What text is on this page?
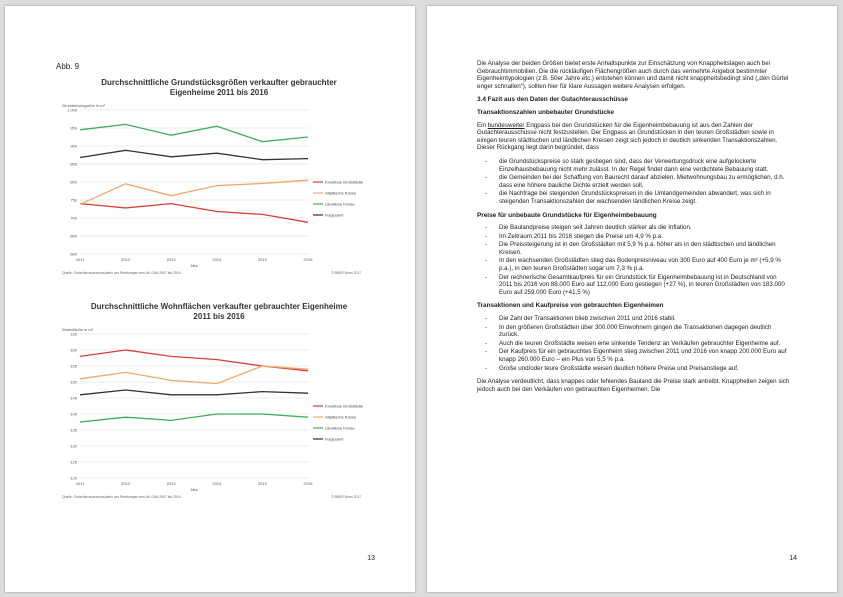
Abb. 9
Durchschnittliche Grundstücksgrößen verkaufter gebrauchter
Eigenheime 2011 bis 2016
600
650
700
750
800
850
900
950
1.000
2011	2012	2013	2014	2015	2016
Grundstücksgröße in m²
Jahr
Kreisfreie Großstädte
Städtische Kreise
Ländliche Kreise
Insgesamt
Quelle: Gutachterausschussdaten der Erhebungen des AK OGA 2007 bis 2016	© BBSR Bonn 2017
Durchschnittliche Wohnflächen verkaufter gebrauchter Eigenheime
2011 bis 2016
120
125
130
135
140
145
150
155
160
165
2011	2012	2013	2014	2015	2016
Wohnfläche in m²
Jahr
Kreisfreie Großstädte
Städtische Kreise
Ländliche Kreise
Insgesamt
Quelle: Gutachterausschussdaten der Erhebungen des AK OGA 2007 bis 2016	© BBSR Bonn 2017
13

Die Analyse der beiden Größen bietet erste Anhaltspunkte zur Einschätzung von Knappheitslagen auch bei Gebrauchtimmobilien. Die die rückläufigen Flächengrößen auch durch das vermehrte Angebot bestimmter Eigenheimtypologien (z.B. 50er Jahre etc.) entstehen können und damit nicht knappheitsbedingt sind („den Gürtel enger schnallen“), sollten hier für klare Aussagen weitere Analysen erfolgen.

3.4 Fazit aus den Daten der Gutachterausschüsse
Transaktionszahlen unbebauter Grundstücke

Ein bundesweiter Engpass bei den Grundstücken für die Eigenheimbebauung ist aus den Zahlen der Gutachterausschüsse nicht festzustellen. Der Engpass an Grundstücken in den teuren Großstädten sowie in einigen teuren städtischen und ländlichen Kreisen zeigt sich jedoch in deutlich sinkenden Transaktionszahlen. Dieser Rückgang liegt darin begründet, dass

- die Grundstückspreise so stark gestiegen sind, dass der Verwertungsdruck eine aufgelockerte Einzelhausbebauung nicht mehr zulässt. In der Regel findet dann eine verdichtete Bebauung statt.
- die Gemeinden bei der Schaffung von Baurecht darauf abzielen, Mietwohnungsbau zu ermöglichen, d.h. dass eine höhere bauliche Dichte erzielt werden soll.
- die Nachfrage bei steigenden Grundstückspreisen in die Umlandgemeinden abwandert, was sich in steigenden Transaktionszahlen der wachsenden ländlichen Kreise zeigt.
Preise für unbebaute Grundstücke für Eigenheimbebauung
- Die Baulandpreise steigen seit Jahren deutlich stärker als die Inflation.
- Im Zeitraum 2011 bis 2016 stiegen die Preise um 4,9 % p.a.
- Die Preissteigerung ist in den Großstädten mit 5,9 % p.a. höher als in den städtischen und ländlichen Kreisen.
- In den wachsenden Großstädten stieg das Bodenpreisniveau von 300 Euro auf 400 Euro je m² (+5,9 % p.a.), in den teuren Großstädten sogar um 7,3 % p.a.
- Der rechnerische Gesamtkaufpreis für ein Grundstück für Eigenheimbebauung ist in Deutschland von 2011 bis 2016 von 88.000 Euro auf 112.000 Euro gestiegen (+27 %), in teuren Großstädten von 183.000 Euro auf 259.000 Euro (+41,5 %)
Transaktionen und Kaufpreise von gebrauchten Eigenheimen
- Die Zahl der Transaktionen blieb zwischen 2011 und 2016 stabil.
- In den größeren Großstädten über 300.000 Einwohnern gingen die Transaktionen dagegen deutlich zurück.
- Auch die teuren Großstädte weisen eine sinkende Tendenz an Verkäufen gebrauchter Eigenheime auf.
- Der Kaufpreis für ein gebrauchtes Eigenheim stieg zwischen 2011 und 2016 von knapp 200.000 Euro auf knapp 260.000 Euro – ein Plus von 5,5 % p.a.
- Große und/oder teure Großstädte weisen deutlich höhere Preise und Preisanstiege auf.

Die Analyse verdeutlicht, dass knappes oder fehlendes Bauland die Preise stark antreibt. Knappheiten zeigen sich jedoch auch bei den Verkäufen von gebrauchten Eigenheimen. Die

14
